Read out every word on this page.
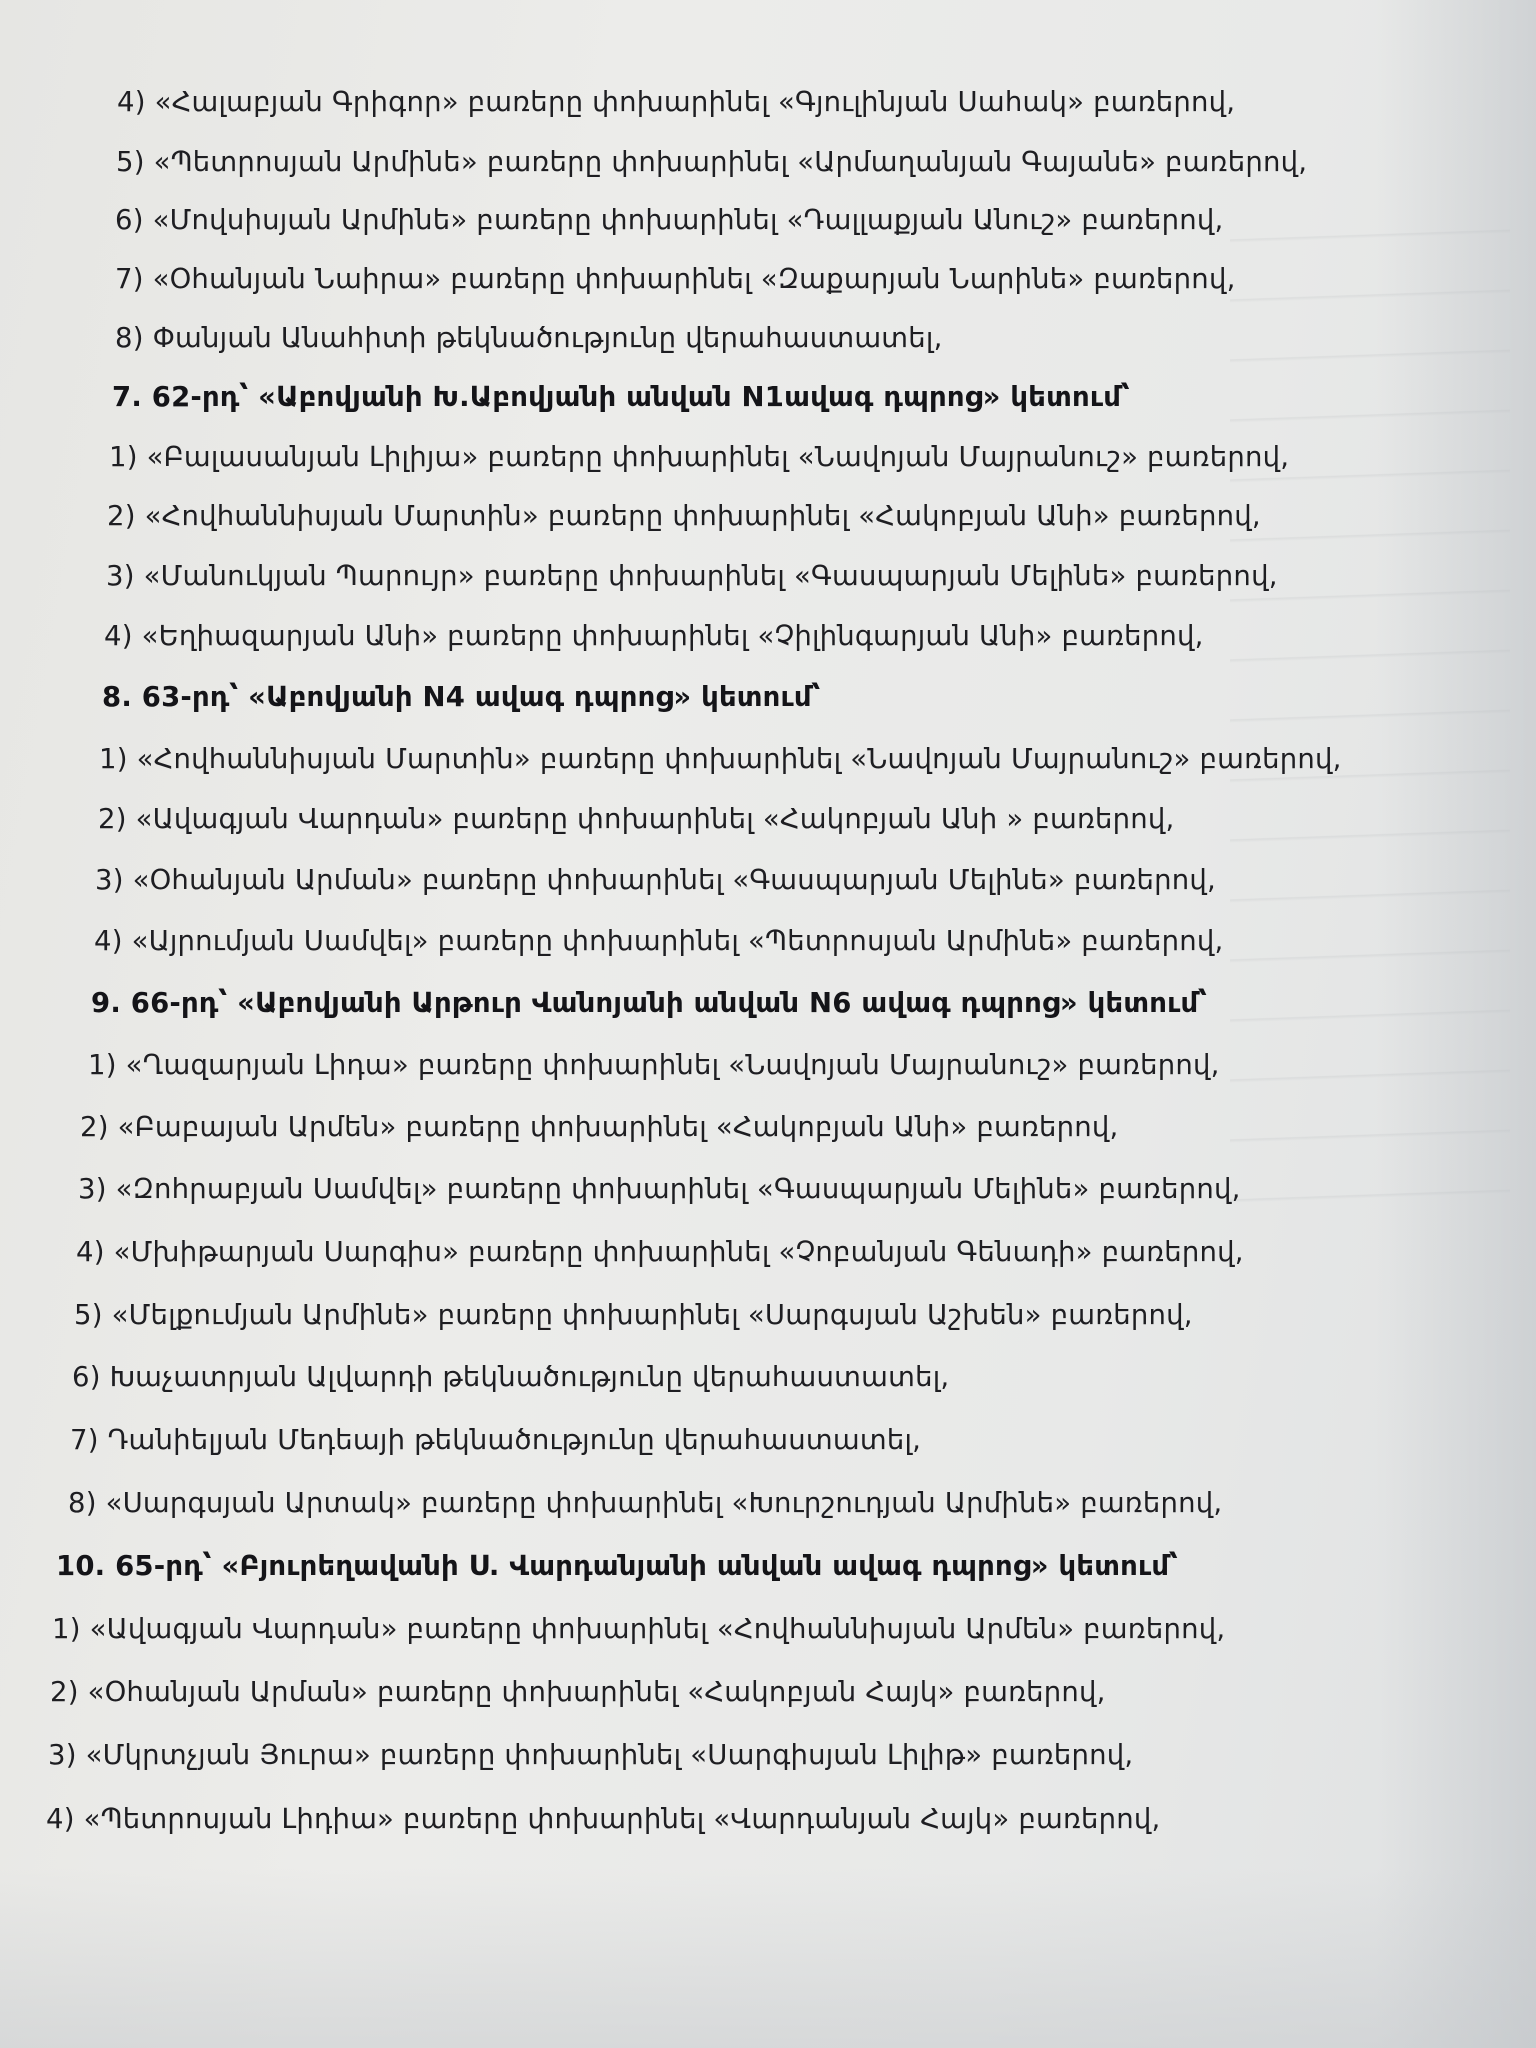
4) «Հալաբյան Գրիգոր» բառերը փոխարինել «Գյուլինյան Սահակ» բառերով,
5) «Պետրոսյան Արմինե» բառերը փոխարինել «Արմաղանյան Գայանե» բառերով,
6) «Մովսիսյան Արմինե» բառերը փոխարինել «Դալլաքյան Անուշ» բառերով,
7) «Օհանյան Նաիրա» բառերը փոխարինել «Զաքարյան Նարինե» բառերով,
8) Փանյան Անահիտի թեկնածությունը վերահաստատել,
7. 62-րդ՝ «Աբովյանի Խ.Աբովյանի անվան N1ավագ դպրոց» կետում՝
1) «Բալասանյան Լիլիյա» բառերը փոխարինել «Նավոյան Մայրանուշ» բառերով,
2) «Հովհաննիսյան Մարտին» բառերը փոխարինել «Հակոբյան Անի» բառերով,
3) «Մանուկյան Պարույր» բառերը փոխարինել «Գասպարյան Մելինե» բառերով,
4) «Եղիազարյան Անի» բառերը փոխարինել «Չիլինգարյան Անի» բառերով,
8. 63-րդ՝ «Աբովյանի N4 ավագ դպրոց» կետում՝
1) «Հովհաննիսյան Մարտին» բառերը փոխարինել «Նավոյան Մայրանուշ» բառերով,
2) «Ավագյան Վարդան» բառերը փոխարինել «Հակոբյան Անի » բառերով,
3) «Օհանյան Արման» բառերը փոխարինել «Գասպարյան Մելինե» բառերով,
4) «Այրումյան Սամվել» բառերը փոխարինել «Պետրոսյան Արմինե» բառերով,
9. 66-րդ՝ «Աբովյանի Արթուր Վանոյանի անվան N6 ավագ դպրոց» կետում՝
1) «Ղազարյան Լիդա» բառերը փոխարինել «Նավոյան Մայրանուշ» բառերով,
2) «Բաբայան Արմեն» բառերը փոխարինել «Հակոբյան Անի» բառերով,
3) «Զոհրաբյան Սամվել» բառերը փոխարինել «Գասպարյան Մելինե» բառերով,
4) «Մխիթարյան Սարգիս» բառերը փոխարինել «Չոբանյան Գենադի» բառերով,
5) «Մելքումյան Արմինե» բառերը փոխարինել «Սարգսյան Աշխեն» բառերով,
6) Խաչատրյան Ալվարդի թեկնածությունը վերահաստատել,
7) Դանիելյան Մեդեայի թեկնածությունը վերահաստատել,
8) «Սարգսյան Արտակ» բառերը փոխարինել «Խուրշուդյան Արմինե» բառերով,
10. 65-րդ՝ «Բյուրեղավանի Ս. Վարդանյանի անվան ավագ դպրոց» կետում՝
1) «Ավագյան Վարդան» բառերը փոխարինել «Հովհաննիսյան Արմեն» բառերով,
2) «Օհանյան Արման» բառերը փոխարինել «Հակոբյան Հայկ» բառերով,
3) «Մկրտչյան Յուրա» բառերը փոխարինել «Սարգիսյան Լիլիթ» բառերով,
4) «Պետրոսյան Լիդիա» բառերը փոխարինել «Վարդանյան Հայկ» բառերով,
